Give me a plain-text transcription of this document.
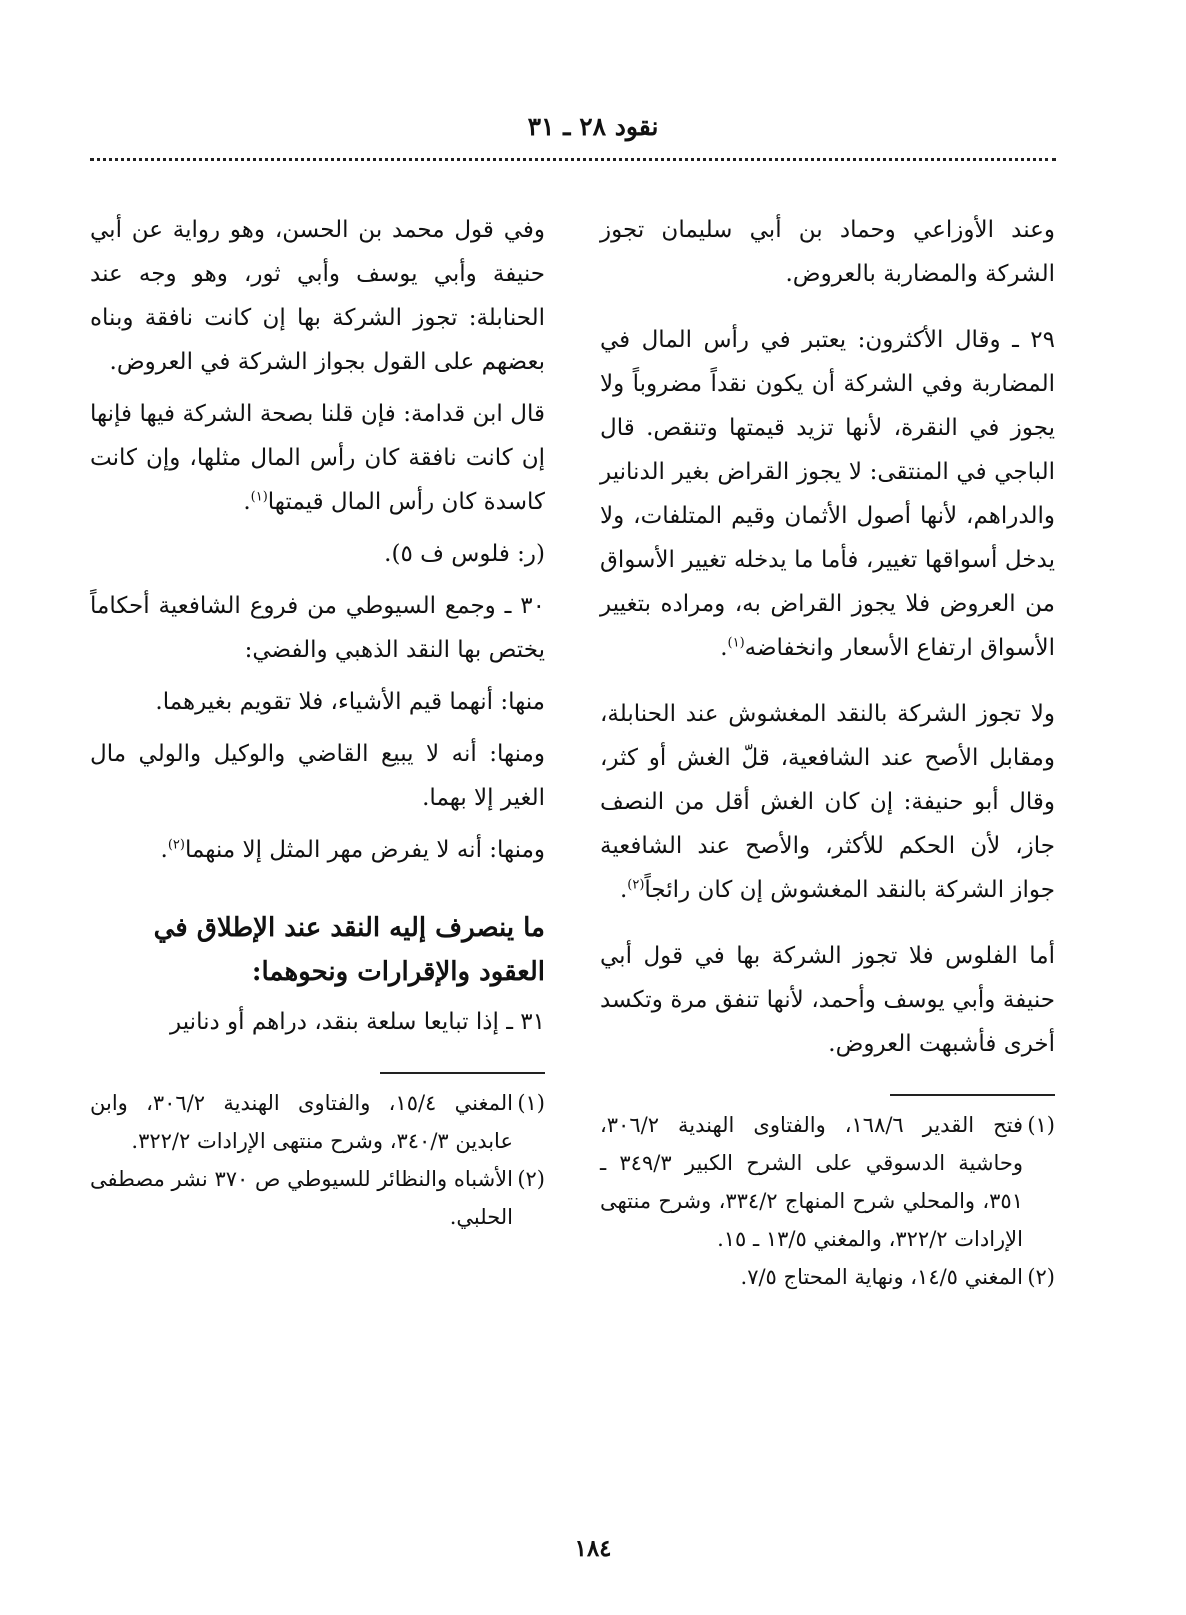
نقود ٢٨ ـ ٣١

وعند الأوزاعي وحماد بن أبي سليمان تجوز الشركة والمضاربة بالعروض.

٢٩ ـ وقال الأكثرون: يعتبر في رأس المال في المضاربة وفي الشركة أن يكون نقداً مضروباً ولا يجوز في النقرة، لأنها تزيد قيمتها وتنقص. قال الباجي في المنتقى: لا يجوز القراض بغير الدنانير والدراهم، لأنها أصول الأثمان وقيم المتلفات، ولا يدخل أسواقها تغيير، فأما ما يدخله تغيير الأسواق من العروض فلا يجوز القراض به، ومراده بتغيير الأسواق ارتفاع الأسعار وانخفاضه$^{(١)}$.

ولا تجوز الشركة بالنقد المغشوش عند الحنابلة، ومقابل الأصح عند الشافعية، قلّ الغش أو كثر، وقال أبو حنيفة: إن كان الغش أقل من النصف جاز، لأن الحكم للأكثر، والأصح عند الشافعية جواز الشركة بالنقد المغشوش إن كان رائجاً$^{(٢)}$.

أما الفلوس فلا تجوز الشركة بها في قول أبي حنيفة وأبي يوسف وأحمد، لأنها تنفق مرة وتكسد أخرى فأشبهت العروض.

(١)
فتح القدير ١٦٨/٦، والفتاوى الهندية ٣٠٦/٢، وحاشية الدسوقي على الشرح الكبير ٣٤٩/٣ ـ ٣٥١، والمحلي شرح المنهاج ٣٣٤/٢، وشرح منتهى الإرادات ٣٢٢/٢، والمغني ١٣/٥ ـ ١٥.

(٢)
المغني ١٤/٥، ونهاية المحتاج ٧/٥.

وفي قول محمد بن الحسن، وهو رواية عن أبي حنيفة وأبي يوسف وأبي ثور، وهو وجه عند الحنابلة: تجوز الشركة بها إن كانت نافقة وبناه بعضهم على القول بجواز الشركة في العروض.

قال ابن قدامة: فإن قلنا بصحة الشركة فيها فإنها إن كانت نافقة كان رأس المال مثلها، وإن كانت كاسدة كان رأس المال قيمتها$^{(١)}$.

(ر: فلوس ف ٥).

٣٠ ـ وجمع السيوطي من فروع الشافعية أحكاماً يختص بها النقد الذهبي والفضي:

منها: أنهما قيم الأشياء، فلا تقويم بغيرهما.

ومنها: أنه لا يبيع القاضي والوكيل والولي مال الغير إلا بهما.

ومنها: أنه لا يفرض مهر المثل إلا منهما$^{(٢)}$.

ما ينصرف إليه النقد عند الإطلاق في العقود والإقرارات ونحوهما:

٣١ ـ إذا تبايعا سلعة بنقد، دراهم أو دنانير

(١)
المغني ١٥/٤، والفتاوى الهندية ٣٠٦/٢، وابن عابدين ٣٤٠/٣، وشرح منتهى الإرادات ٣٢٢/٢.

(٢)
الأشباه والنظائر للسيوطي ص ٣٧٠ نشر مصطفى الحلبي.

١٨٤
